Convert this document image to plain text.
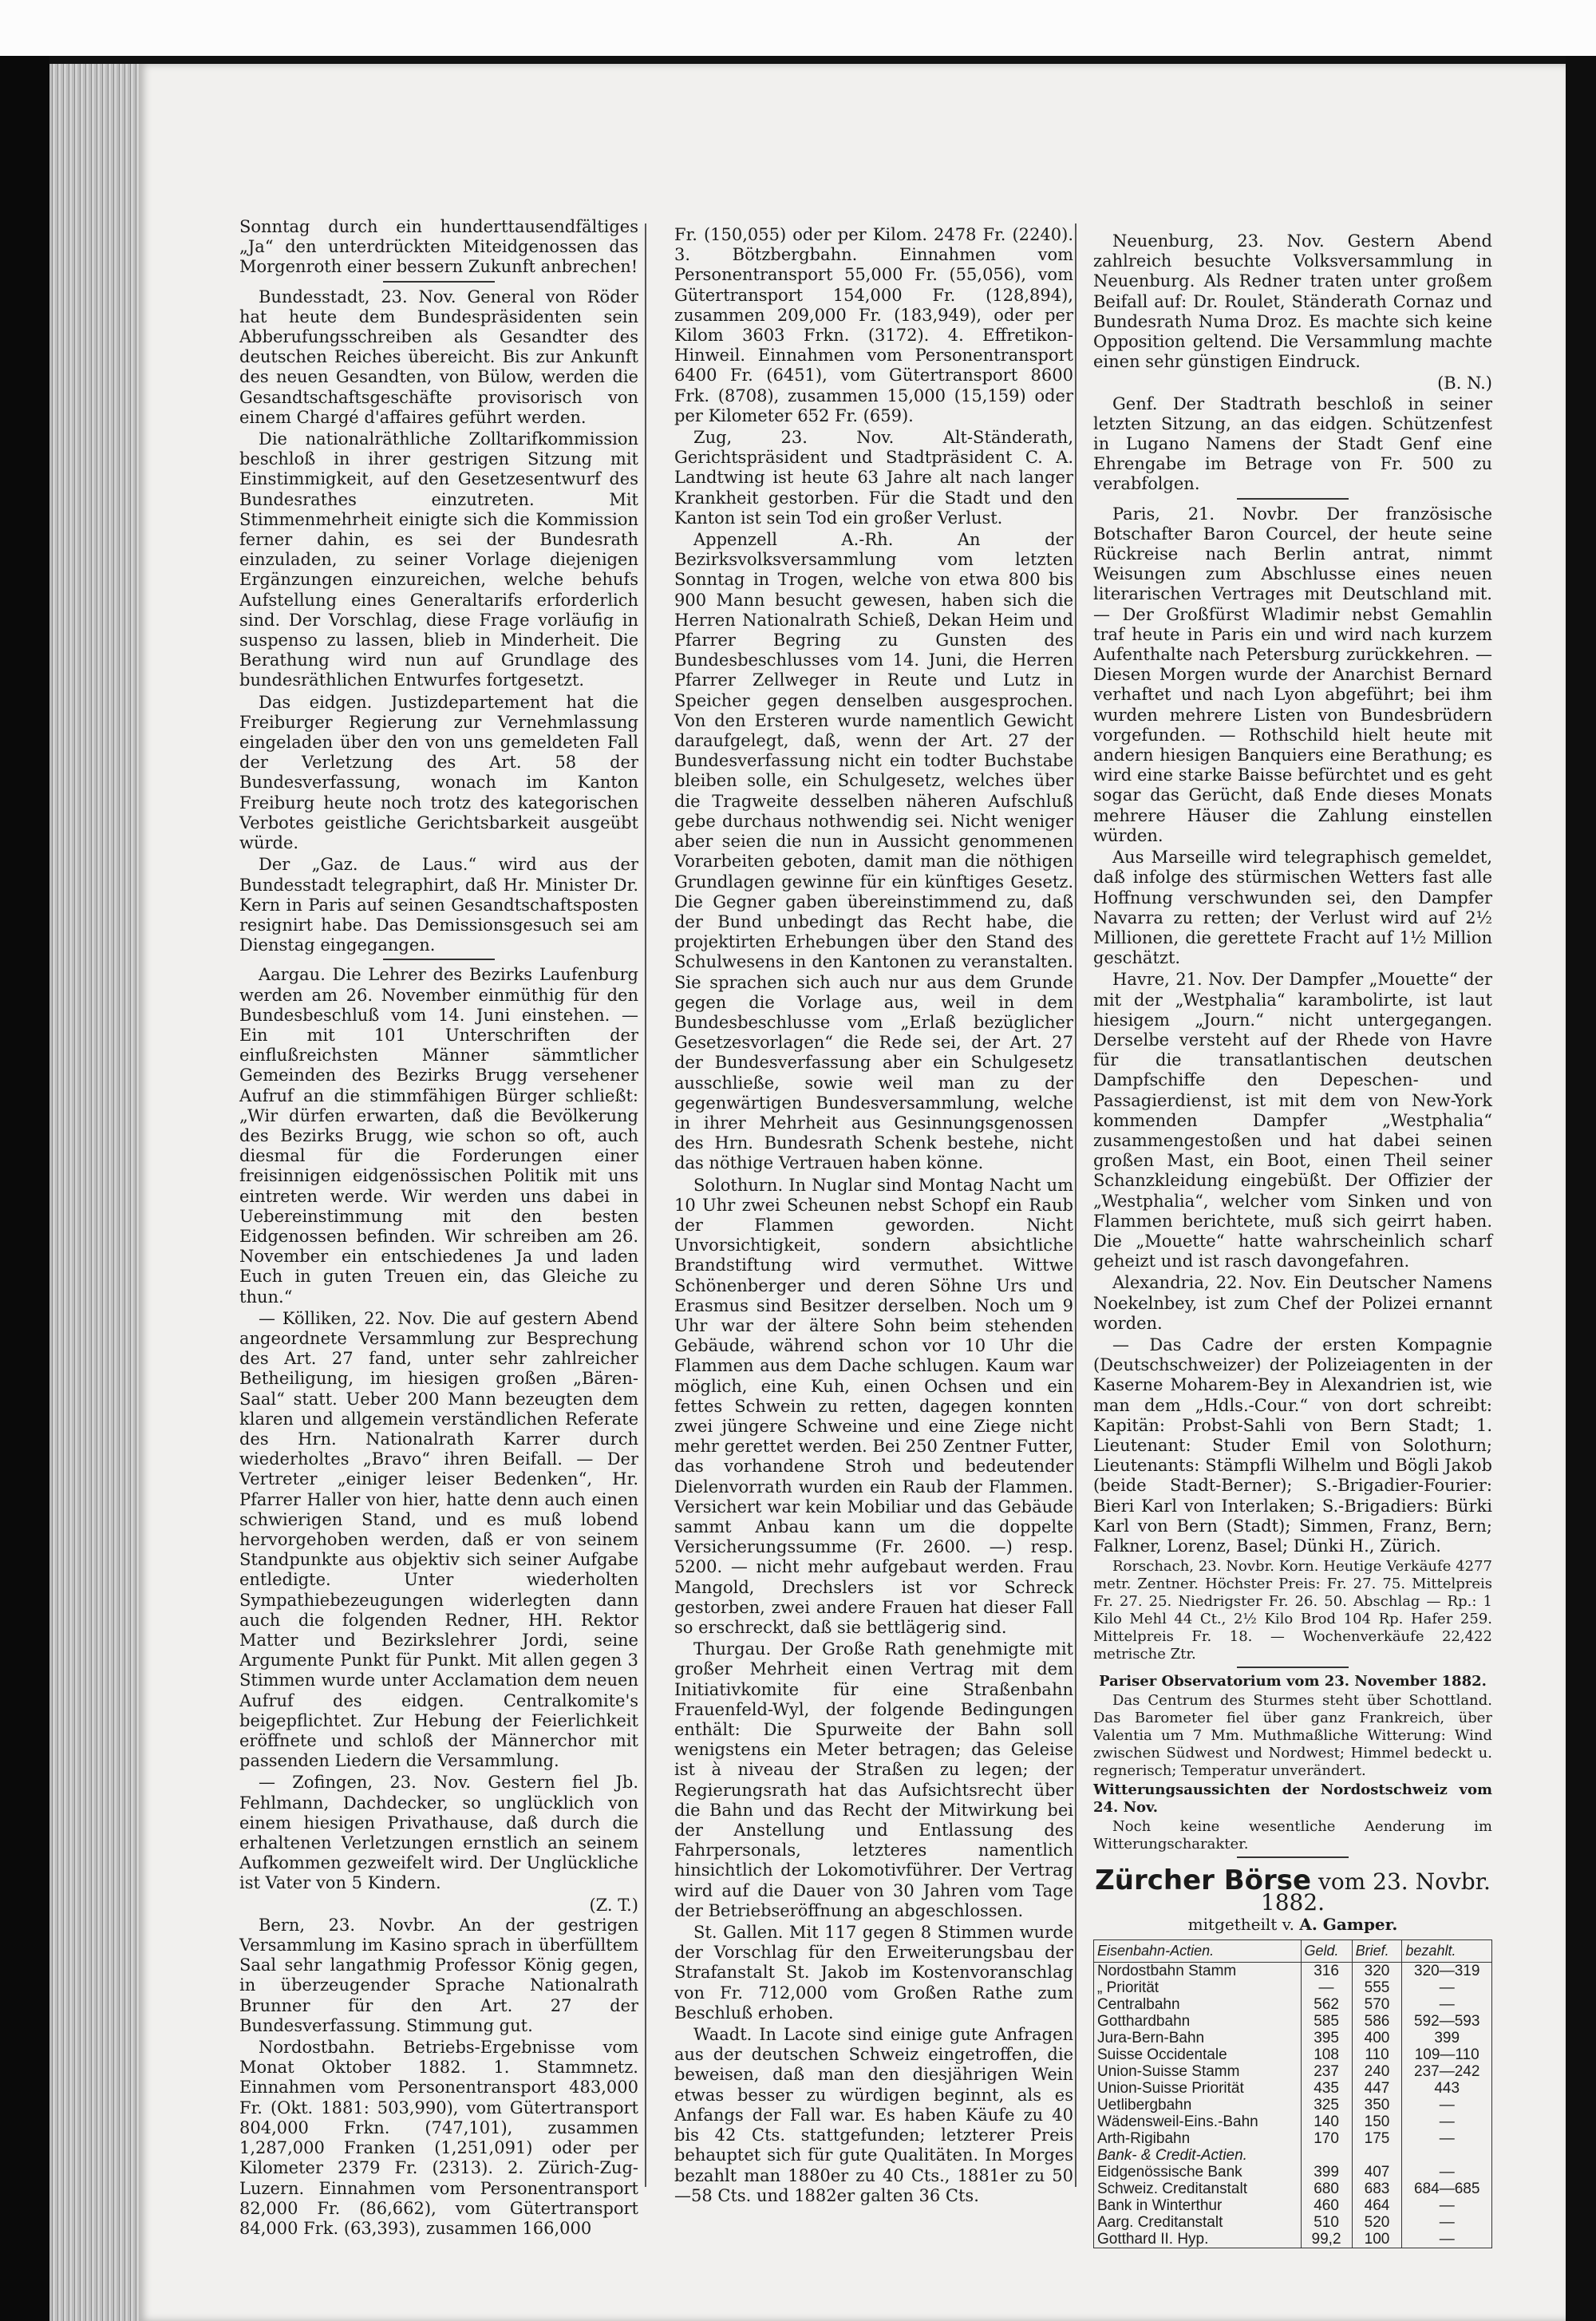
Sonntag durch ein hunderttausendfältiges „Ja“ den unterdrückten Miteidgenossen das Morgenroth einer bessern Zukunft anbrechen!

Bundesstadt, 23. Nov. General von Röder hat heute dem Bundespräsidenten sein Abberufungsschreiben als Gesandter des deutschen Reiches übereicht. Bis zur Ankunft des neuen Gesandten, von Bülow, werden die Gesandtschaftsgeschäfte provisorisch von einem Chargé d'affaires geführt werden.

Die nationalräthliche Zolltarifkommission beschloß in ihrer gestrigen Sitzung mit Einstimmigkeit, auf den Gesetzesentwurf des Bundesrathes einzutreten. Mit Stimmenmehrheit einigte sich die Kommission ferner dahin, es sei der Bundesrath einzuladen, zu seiner Vorlage diejenigen Ergänzungen einzureichen, welche behufs Aufstellung eines Generaltarifs erforderlich sind. Der Vorschlag, diese Frage vorläufig in suspenso zu lassen, blieb in Minderheit. Die Berathung wird nun auf Grundlage des bundesräthlichen Entwurfes fortgesetzt.

Das eidgen. Justizdepartement hat die Freiburger Regierung zur Vernehmlassung eingeladen über den von uns gemeldeten Fall der Verletzung des Art. 58 der Bundesverfassung, wonach im Kanton Freiburg heute noch trotz des kategorischen Verbotes geistliche Gerichtsbarkeit ausgeübt würde.

Der „Gaz. de Laus.“ wird aus der Bundesstadt telegraphirt, daß Hr. Minister Dr. Kern in Paris auf seinen Gesandtschaftsposten resignirt habe. Das Demissionsgesuch sei am Dienstag eingegangen.

Aargau. Die Lehrer des Bezirks Laufenburg werden am 26. November einmüthig für den Bundesbeschluß vom 14. Juni einstehen. — Ein mit 101 Unterschriften der einflußreichsten Männer sämmtlicher Gemeinden des Bezirks Brugg versehener Aufruf an die stimmfähigen Bürger schließt: „Wir dürfen erwarten, daß die Bevölkerung des Bezirks Brugg, wie schon so oft, auch diesmal für die Forderungen einer freisinnigen eidgenössischen Politik mit uns eintreten werde. Wir werden uns dabei in Uebereinstimmung mit den besten Eidgenossen befinden. Wir schreiben am 26. November ein entschiedenes Ja und laden Euch in guten Treuen ein, das Gleiche zu thun.“

— Kölliken, 22. Nov. Die auf gestern Abend angeordnete Versammlung zur Besprechung des Art. 27 fand, unter sehr zahlreicher Betheiligung, im hiesigen großen „Bären-Saal“ statt. Ueber 200 Mann bezeugten dem klaren und allgemein verständlichen Referate des Hrn. Nationalrath Karrer durch wiederholtes „Bravo“ ihren Beifall. — Der Vertreter „einiger leiser Bedenken“, Hr. Pfarrer Haller von hier, hatte denn auch einen schwierigen Stand, und es muß lobend hervorgehoben werden, daß er von seinem Standpunkte aus objektiv sich seiner Aufgabe entledigte. Unter wiederholten Sympathiebezeugungen widerlegten dann auch die folgenden Redner, HH. Rektor Matter und Bezirkslehrer Jordi, seine Argumente Punkt für Punkt. Mit allen gegen 3 Stimmen wurde unter Acclamation dem neuen Aufruf des eidgen. Centralkomite's beigepflichtet. Zur Hebung der Feierlichkeit eröffnete und schloß der Männerchor mit passenden Liedern die Versammlung.

— Zofingen, 23. Nov. Gestern fiel Jb. Fehlmann, Dachdecker, so unglücklich von einem hiesigen Privathause, daß durch die erhaltenen Verletzungen ernstlich an seinem Aufkommen gezweifelt wird. Der Unglückliche ist Vater von 5 Kindern.

(Z. T.)

Bern, 23. Novbr. An der gestrigen Versammlung im Kasino sprach in überfülltem Saal sehr langathmig Professor König gegen, in überzeugender Sprache Nationalrath Brunner für den Art. 27 der Bundesverfassung. Stimmung gut.

Nordostbahn. Betriebs-Ergebnisse vom Monat Oktober 1882. 1. Stammnetz. Einnahmen vom Personentransport 483,000 Fr. (Okt. 1881: 503,990), vom Gütertransport 804,000 Frkn. (747,101), zusammen 1,287,000 Franken (1,251,091) oder per Kilometer 2379 Fr. (2313). 2. Zürich-Zug-Luzern. Einnahmen vom Personentransport 82,000 Fr. (86,662), vom Gütertransport 84,000 Frk. (63,393), zusammen 166,000

Fr. (150,055) oder per Kilom. 2478 Fr. (2240). 3. Bötzbergbahn. Einnahmen vom Personentransport 55,000 Fr. (55,056), vom Gütertransport 154,000 Fr. (128,894), zusammen 209,000 Fr. (183,949), oder per Kilom 3603 Frkn. (3172). 4. Effretikon-Hinweil. Einnahmen vom Personentransport 6400 Fr. (6451), vom Gütertransport 8600 Frk. (8708), zusammen 15,000 (15,159) oder per Kilometer 652 Fr. (659).

Zug, 23. Nov. Alt-Ständerath, Gerichtspräsident und Stadtpräsident C. A. Landtwing ist heute 63 Jahre alt nach langer Krankheit gestorben. Für die Stadt und den Kanton ist sein Tod ein großer Verlust.

Appenzell A.-Rh. An der Bezirksvolksversammlung vom letzten Sonntag in Trogen, welche von etwa 800 bis 900 Mann besucht gewesen, haben sich die Herren Nationalrath Schieß, Dekan Heim und Pfarrer Begring zu Gunsten des Bundesbeschlusses vom 14. Juni, die Herren Pfarrer Zellweger in Reute und Lutz in Speicher gegen denselben ausgesprochen. Von den Ersteren wurde namentlich Gewicht daraufgelegt, daß, wenn der Art. 27 der Bundesverfassung nicht ein todter Buchstabe bleiben solle, ein Schulgesetz, welches über die Tragweite desselben näheren Aufschluß gebe durchaus nothwendig sei. Nicht weniger aber seien die nun in Aussicht genommenen Vorarbeiten geboten, damit man die nöthigen Grundlagen gewinne für ein künftiges Gesetz. Die Gegner gaben übereinstimmend zu, daß der Bund unbedingt das Recht habe, die projektirten Erhebungen über den Stand des Schulwesens in den Kantonen zu veranstalten. Sie sprachen sich auch nur aus dem Grunde gegen die Vorlage aus, weil in dem Bundesbeschlusse vom „Erlaß bezüglicher Gesetzesvorlagen“ die Rede sei, der Art. 27 der Bundesverfassung aber ein Schulgesetz ausschließe, sowie weil man zu der gegenwärtigen Bundesversammlung, welche in ihrer Mehrheit aus Gesinnungsgenossen des Hrn. Bundesrath Schenk bestehe, nicht das nöthige Vertrauen haben könne.

Solothurn. In Nuglar sind Montag Nacht um 10 Uhr zwei Scheunen nebst Schopf ein Raub der Flammen geworden. Nicht Unvorsichtigkeit, sondern absichtliche Brandstiftung wird vermuthet. Wittwe Schönenberger und deren Söhne Urs und Erasmus sind Besitzer derselben. Noch um 9 Uhr war der ältere Sohn beim stehenden Gebäude, während schon vor 10 Uhr die Flammen aus dem Dache schlugen. Kaum war möglich, eine Kuh, einen Ochsen und ein fettes Schwein zu retten, dagegen konnten zwei jüngere Schweine und eine Ziege nicht mehr gerettet werden. Bei 250 Zentner Futter, das vorhandene Stroh und bedeutender Dielenvorrath wurden ein Raub der Flammen. Versichert war kein Mobiliar und das Gebäude sammt Anbau kann um die doppelte Versicherungssumme (Fr. 2600. —) resp. 5200. — nicht mehr aufgebaut werden. Frau Mangold, Drechslers ist vor Schreck gestorben, zwei andere Frauen hat dieser Fall so erschreckt, daß sie bettlägerig sind.

Thurgau. Der Große Rath genehmigte mit großer Mehrheit einen Vertrag mit dem Initiativkomite für eine Straßenbahn Frauenfeld-Wyl, der folgende Bedingungen enthält: Die Spurweite der Bahn soll wenigstens ein Meter betragen; das Geleise ist à niveau der Straßen zu legen; der Regierungsrath hat das Aufsichtsrecht über die Bahn und das Recht der Mitwirkung bei der Anstellung und Entlassung des Fahrpersonals, letzteres namentlich hinsichtlich der Lokomotivführer. Der Vertrag wird auf die Dauer von 30 Jahren vom Tage der Betriebseröffnung an abgeschlossen.

St. Gallen. Mit 117 gegen 8 Stimmen wurde der Vorschlag für den Erweiterungsbau der Strafanstalt St. Jakob im Kostenvoranschlag von Fr. 712,000 vom Großen Rathe zum Beschluß erhoben.

Waadt. In Lacote sind einige gute Anfragen aus der deutschen Schweiz eingetroffen, die beweisen, daß man den diesjährigen Wein etwas besser zu würdigen beginnt, als es Anfangs der Fall war. Es haben Käufe zu 40 bis 42 Cts. stattgefunden; letzterer Preis behauptet sich für gute Qualitäten. In Morges bezahlt man 1880er zu 40 Cts., 1881er zu 50—58 Cts. und 1882er galten 36 Cts.

Neuenburg, 23. Nov. Gestern Abend zahlreich besuchte Volksversammlung in Neuenburg. Als Redner traten unter großem Beifall auf: Dr. Roulet, Ständerath Cornaz und Bundesrath Numa Droz. Es machte sich keine Opposition geltend. Die Versammlung machte einen sehr günstigen Eindruck.

(B. N.)

Genf. Der Stadtrath beschloß in seiner letzten Sitzung, an das eidgen. Schützenfest in Lugano Namens der Stadt Genf eine Ehrengabe im Betrage von Fr. 500 zu verabfolgen.

Paris, 21. Novbr. Der französische Botschafter Baron Courcel, der heute seine Rückreise nach Berlin antrat, nimmt Weisungen zum Abschlusse eines neuen literarischen Vertrages mit Deutschland mit. — Der Großfürst Wladimir nebst Gemahlin traf heute in Paris ein und wird nach kurzem Aufenthalte nach Petersburg zurückkehren. — Diesen Morgen wurde der Anarchist Bernard verhaftet und nach Lyon abgeführt; bei ihm wurden mehrere Listen von Bundesbrüdern vorgefunden. — Rothschild hielt heute mit andern hiesigen Banquiers eine Berathung; es wird eine starke Baisse befürchtet und es geht sogar das Gerücht, daß Ende dieses Monats mehrere Häuser die Zahlung einstellen würden.

Aus Marseille wird telegraphisch gemeldet, daß infolge des stürmischen Wetters fast alle Hoffnung verschwunden sei, den Dampfer Navarra zu retten; der Verlust wird auf 2½ Millionen, die gerettete Fracht auf 1½ Million geschätzt.

Havre, 21. Nov. Der Dampfer „Mouette“ der mit der „Westphalia“ karambolirte, ist laut hiesigem „Journ.“ nicht untergegangen. Derselbe versteht auf der Rhede von Havre für die transatlantischen deutschen Dampfschiffe den Depeschen- und Passagierdienst, ist mit dem von New-York kommenden Dampfer „Westphalia“ zusammengestoßen und hat dabei seinen großen Mast, ein Boot, einen Theil seiner Schanzkleidung eingebüßt. Der Offizier der „Westphalia“, welcher vom Sinken und von Flammen berichtete, muß sich geirrt haben. Die „Mouette“ hatte wahrscheinlich scharf geheizt und ist rasch davongefahren.

Alexandria, 22. Nov. Ein Deutscher Namens Noekelnbey, ist zum Chef der Polizei ernannt worden.

— Das Cadre der ersten Kompagnie (Deutschschweizer) der Polizeiagenten in der Kaserne Moharem-Bey in Alexandrien ist, wie man dem „Hdls.-Cour.“ von dort schreibt: Kapitän: Probst-Sahli von Bern Stadt; 1. Lieutenant: Studer Emil von Solothurn; Lieutenants: Stämpfli Wilhelm und Bögli Jakob (beide Stadt-Berner); S.-Brigadier-Fourier: Bieri Karl von Interlaken; S.-Brigadiers: Bürki Karl von Bern (Stadt); Simmen, Franz, Bern; Falkner, Lorenz, Basel; Dünki H., Zürich.

Rorschach, 23. Novbr. Korn. Heutige Verkäufe 4277 metr. Zentner. Höchster Preis: Fr. 27. 75. Mittelpreis Fr. 27. 25. Niedrigster Fr. 26. 50. Abschlag — Rp.: 1 Kilo Mehl 44 Ct., 2½ Kilo Brod 104 Rp. Hafer 259. Mittelpreis Fr. 18. — Wochenverkäufe 22,422 metrische Ztr.

Pariser Observatorium vom 23. November 1882.

Das Centrum des Sturmes steht über Schottland. Das Barometer fiel über ganz Frankreich, über Valentia um 7 Mm. Muthmaßliche Witterung: Wind zwischen Südwest und Nordwest; Himmel bedeckt u. regnerisch; Temperatur unverändert.

Witterungsaussichten der Nordostschweiz vom 24. Nov.

Noch keine wesentliche Aenderung im Witterungscharakter.

Zürcher Börse vom 23. Novbr. 1882.
mitgetheilt v. A. Gamper.
Eisenbahn-Actien.	Geld.	Brief.	bezahlt.
Nordostbahn Stamm	316	320	320—319
„ Priorität	—	555	—
Centralbahn	562	570	—
Gotthardbahn	585	586	592—593
Jura-Bern-Bahn	395	400	399
Suisse Occidentale	108	110	109—110
Union-Suisse Stamm	237	240	237—242
Union-Suisse Priorität	435	447	443
Uetlibergbahn	325	350	—
Wädensweil-Eins.-Bahn	140	150	—
Arth-Rigibahn	170	175	—
Bank- & Credit-Actien.			
Eidgenössische Bank	399	407	—
Schweiz. Creditanstalt	680	683	684—685
Bank in Winterthur	460	464	—
Aarg. Creditanstalt	510	520	—
Gotthard II. Hyp.	99,2	100	—
